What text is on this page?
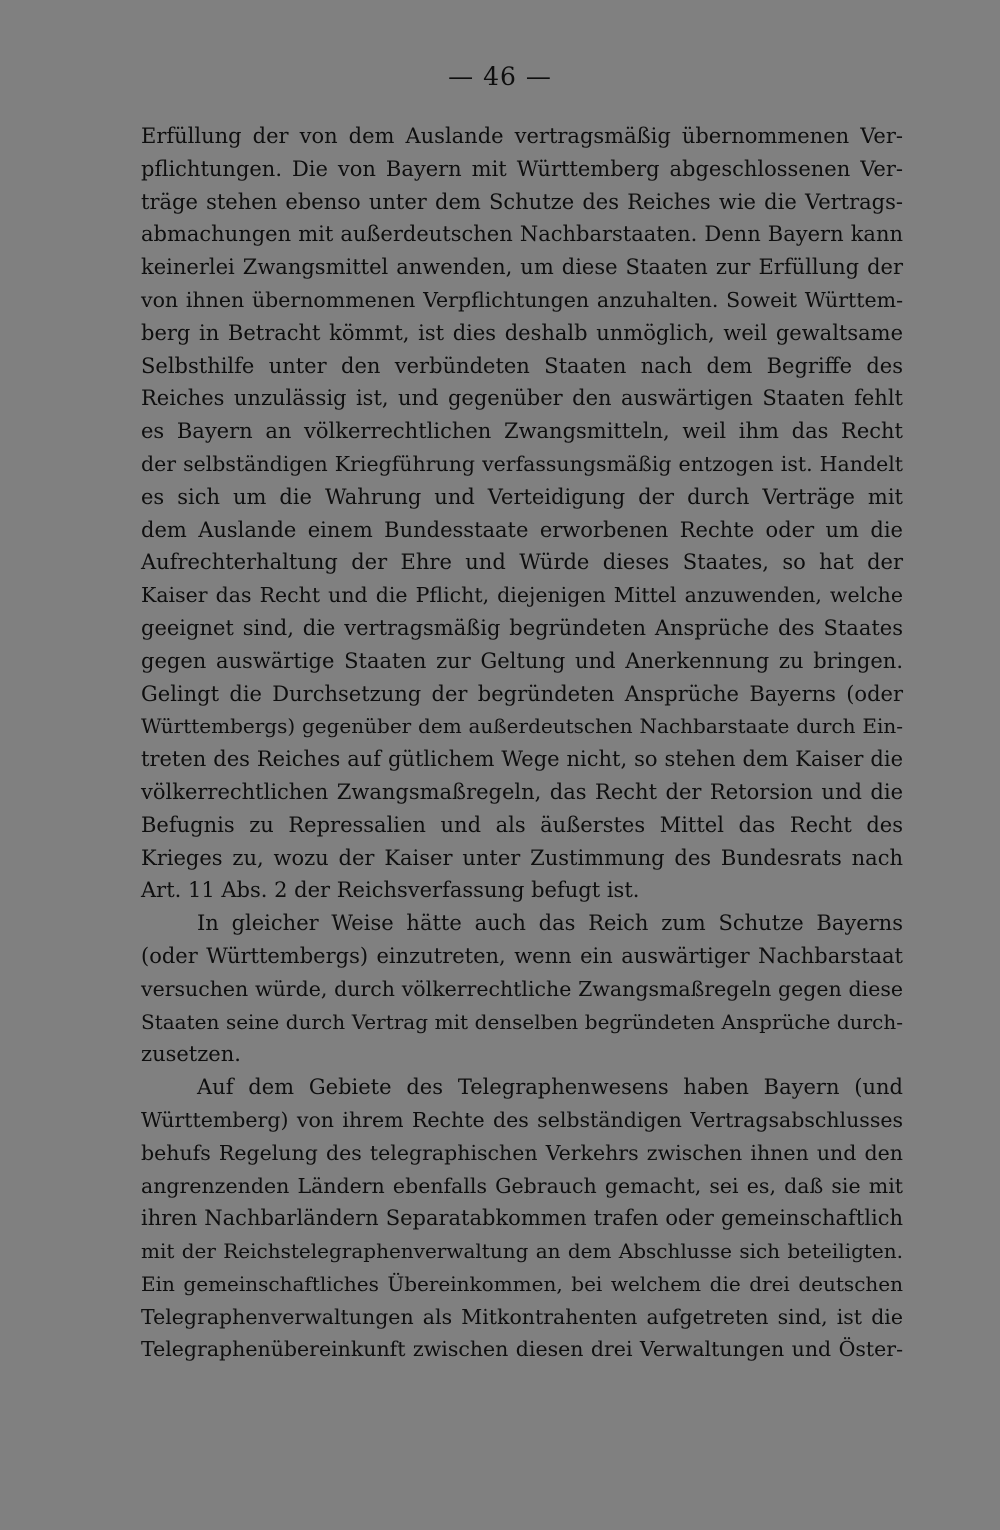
— 46 —
Erfüllung der von dem Auslande vertragsmäßig übernommenen Ver-
pflichtungen. Die von Bayern mit Württemberg abgeschlossenen Ver-
träge stehen ebenso unter dem Schutze des Reiches wie die Vertrags-
abmachungen mit außerdeutschen Nachbarstaaten. Denn Bayern kann
keinerlei Zwangsmittel anwenden, um diese Staaten zur Erfüllung der
von ihnen übernommenen Verpflichtungen anzuhalten. Soweit Württem-
berg in Betracht kömmt, ist dies deshalb unmöglich, weil gewaltsame
Selbsthilfe unter den verbündeten Staaten nach dem Begriffe des
Reiches unzulässig ist, und gegenüber den auswärtigen Staaten fehlt
es Bayern an völkerrechtlichen Zwangsmitteln, weil ihm das Recht
der selbständigen Kriegführung verfassungsmäßig entzogen ist. Handelt
es sich um die Wahrung und Verteidigung der durch Verträge mit
dem Auslande einem Bundesstaate erworbenen Rechte oder um die
Aufrechterhaltung der Ehre und Würde dieses Staates, so hat der
Kaiser das Recht und die Pflicht, diejenigen Mittel anzuwenden, welche
geeignet sind, die vertragsmäßig begründeten Ansprüche des Staates
gegen auswärtige Staaten zur Geltung und Anerkennung zu bringen.
Gelingt die Durchsetzung der begründeten Ansprüche Bayerns (oder
Württembergs) gegenüber dem außerdeutschen Nachbarstaate durch Ein-
treten des Reiches auf gütlichem Wege nicht, so stehen dem Kaiser die
völkerrechtlichen Zwangsmaßregeln, das Recht der Retorsion und die
Befugnis zu Repressalien und als äußerstes Mittel das Recht des
Krieges zu, wozu der Kaiser unter Zustimmung des Bundesrats nach
Art. 11 Abs. 2 der Reichsverfassung befugt ist.
In gleicher Weise hätte auch das Reich zum Schutze Bayerns
(oder Württembergs) einzutreten, wenn ein auswärtiger Nachbarstaat
versuchen würde, durch völkerrechtliche Zwangsmaßregeln gegen diese
Staaten seine durch Vertrag mit denselben begründeten Ansprüche durch-
zusetzen.
Auf dem Gebiete des Telegraphenwesens haben Bayern (und
Württemberg) von ihrem Rechte des selbständigen Vertragsabschlusses
behufs Regelung des telegraphischen Verkehrs zwischen ihnen und den
angrenzenden Ländern ebenfalls Gebrauch gemacht, sei es, daß sie mit
ihren Nachbarländern Separatabkommen trafen oder gemeinschaftlich
mit der Reichstelegraphenverwaltung an dem Abschlusse sich beteiligten.
Ein gemeinschaftliches Übereinkommen, bei welchem die drei deutschen
Telegraphenverwaltungen als Mitkontrahenten aufgetreten sind, ist die
Telegraphenübereinkunft zwischen diesen drei Verwaltungen und Öster-
